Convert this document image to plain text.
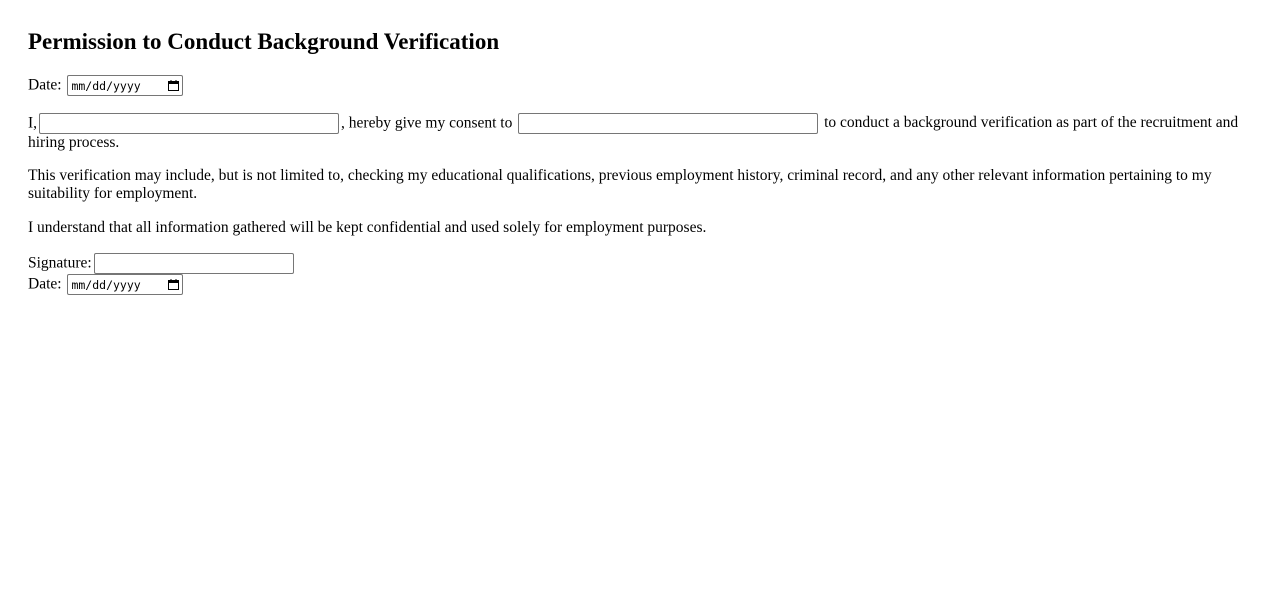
Permission to Conduct Background Verification
Date: mm/dd/yyyy
I,	, hereby give my consent to	to conduct a background verification as part of the recruitment and hiring process.
This verification may include, but is not limited to, checking my educational qualifications, previous employment history, criminal record, and any other relevant information pertaining to my suitability for employment.
I understand that all information gathered will be kept confidential and used solely for employment purposes.
Signature:
Date: mm/dd/yyyy
